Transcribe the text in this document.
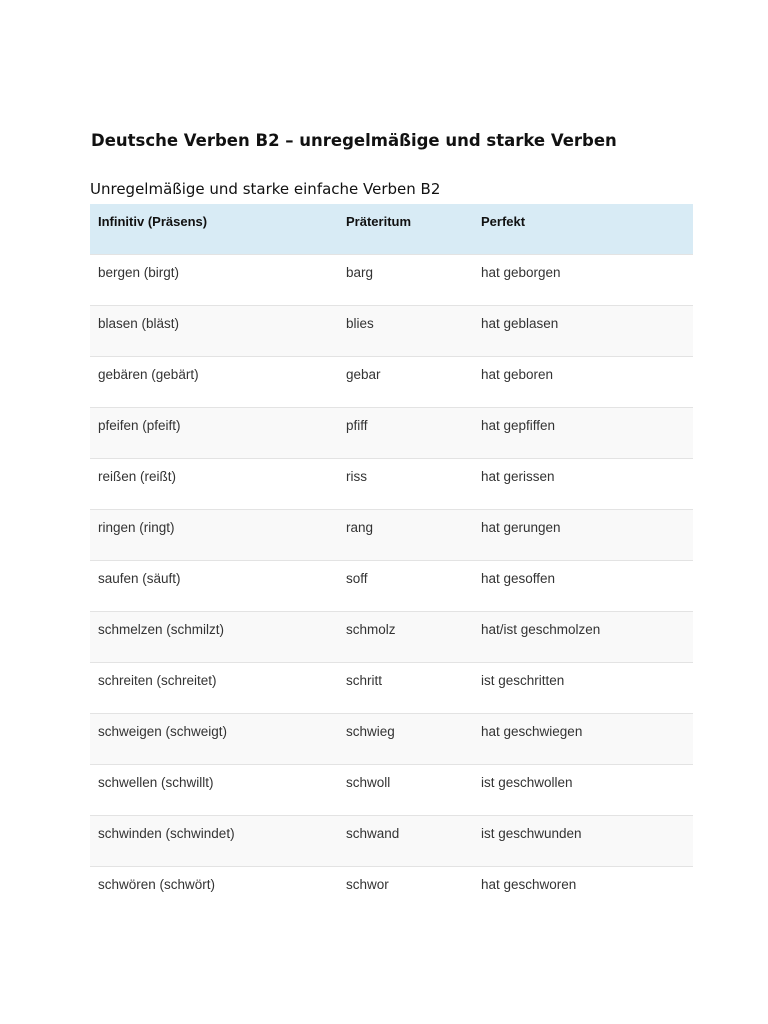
Deutsche Verben B2 – unregelmäßige und starke Verben
Unregelmäßige und starke einfache Verben B2
Infinitiv (Präsens)	Präteritum	Perfekt
bergen (birgt)	barg	hat geborgen
blasen (bläst)	blies	hat geblasen
gebären (gebärt)	gebar	hat geboren
pfeifen (pfeift)	pfiff	hat gepfiffen
reißen (reißt)	riss	hat gerissen
ringen (ringt)	rang	hat gerungen
saufen (säuft)	soff	hat gesoffen
schmelzen (schmilzt)	schmolz	hat/ist geschmolzen
schreiten (schreitet)	schritt	ist geschritten
schweigen (schweigt)	schwieg	hat geschwiegen
schwellen (schwillt)	schwoll	ist geschwollen
schwinden (schwindet)	schwand	ist geschwunden
schwören (schwört)	schwor	hat geschworen
